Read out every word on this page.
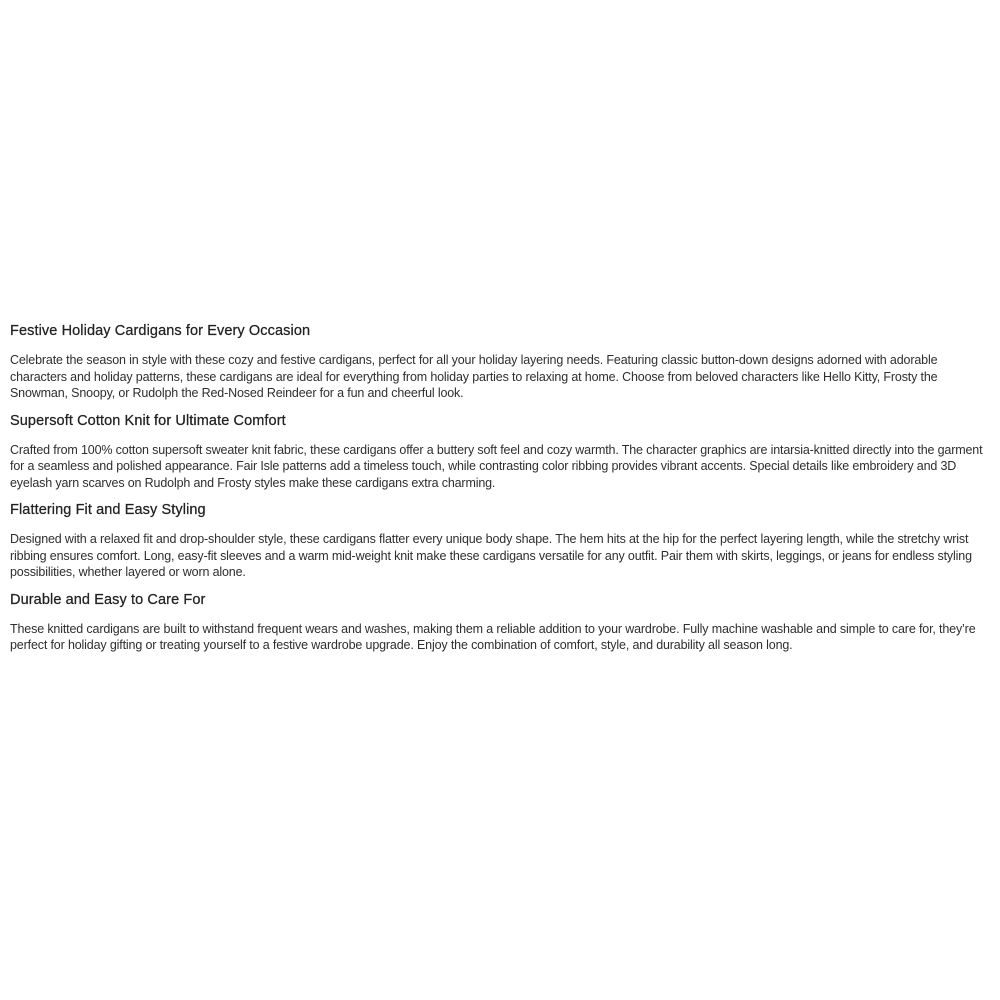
Festive Holiday Cardigans for Every Occasion

Celebrate the season in style with these cozy and festive cardigans, perfect for all your holiday layering needs. Featuring classic button-down designs adorned with adorable characters and holiday patterns, these cardigans are ideal for everything from holiday parties to relaxing at home. Choose from beloved characters like Hello Kitty, Frosty the Snowman, Snoopy, or Rudolph the Red-Nosed Reindeer for a fun and cheerful look.

Supersoft Cotton Knit for Ultimate Comfort

Crafted from 100% cotton supersoft sweater knit fabric, these cardigans offer a buttery soft feel and cozy warmth. The character graphics are intarsia-knitted directly into the garment for a seamless and polished appearance. Fair Isle patterns add a timeless touch, while contrasting color ribbing provides vibrant accents. Special details like embroidery and 3D eyelash yarn scarves on Rudolph and Frosty styles make these cardigans extra charming.

Flattering Fit and Easy Styling

Designed with a relaxed fit and drop-shoulder style, these cardigans flatter every unique body shape. The hem hits at the hip for the perfect layering length, while the stretchy wrist ribbing ensures comfort. Long, easy-fit sleeves and a warm mid-weight knit make these cardigans versatile for any outfit. Pair them with skirts, leggings, or jeans for endless styling possibilities, whether layered or worn alone.

Durable and Easy to Care For

These knitted cardigans are built to withstand frequent wears and washes, making them a reliable addition to your wardrobe. Fully machine washable and simple to care for, they’re perfect for holiday gifting or treating yourself to a festive wardrobe upgrade. Enjoy the combination of comfort, style, and durability all season long.
